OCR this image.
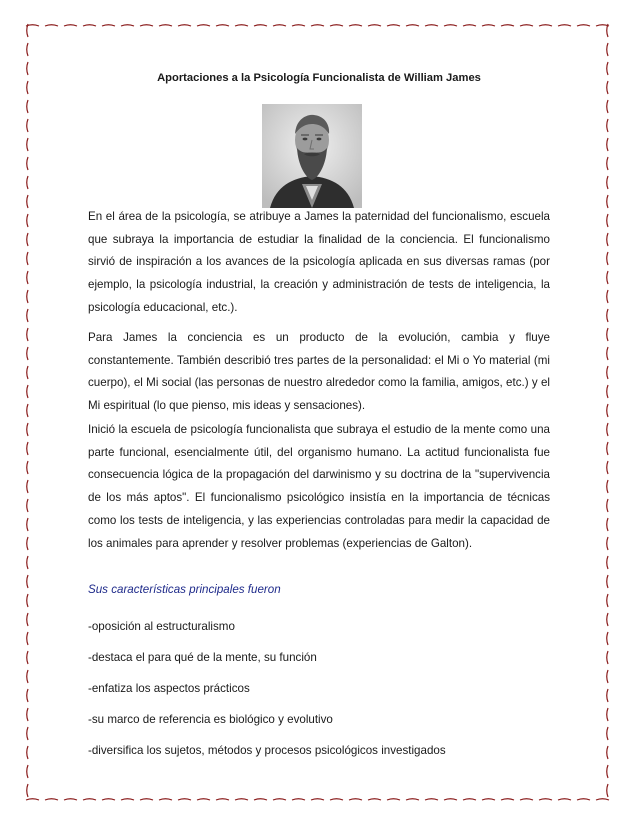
Aportaciones a la Psicología Funcionalista de William James
En el área de la psicología, se atribuye a James la paternidad del funcionalismo, escuela que subraya la importancia de estudiar la finalidad de la conciencia. El funcionalismo sirvió de inspiración a los avances de la psicología aplicada en sus diversas ramas (por ejemplo, la psicología industrial, la creación y administración de tests de inteligencia, la psicología educacional, etc.).
Para James la conciencia es un producto de la evolución, cambia y fluye constantemente. También describió tres partes de la personalidad: el Mi o Yo material (mi cuerpo), el Mi social (las personas de nuestro alrededor como la familia, amigos, etc.) y el Mi espiritual (lo que pienso, mis ideas y sensaciones).
Inició la escuela de psicología funcionalista que subraya el estudio de la mente como una parte funcional, esencialmente útil, del organismo humano. La actitud funcionalista fue consecuencia lógica de la propagación del darwinismo y su doctrina de la "supervivencia de los más aptos". El funcionalismo psicológico insistía en la importancia de técnicas como los tests de inteligencia, y las experiencias controladas para medir la capacidad de los animales para aprender y resolver problemas (experiencias de Galton).
Sus características principales fueron
-oposición al estructuralismo
-destaca el para qué de la mente, su función
-enfatiza los aspectos prácticos
-su marco de referencia es biológico y evolutivo
-diversifica los sujetos, métodos y procesos psicológicos investigados
